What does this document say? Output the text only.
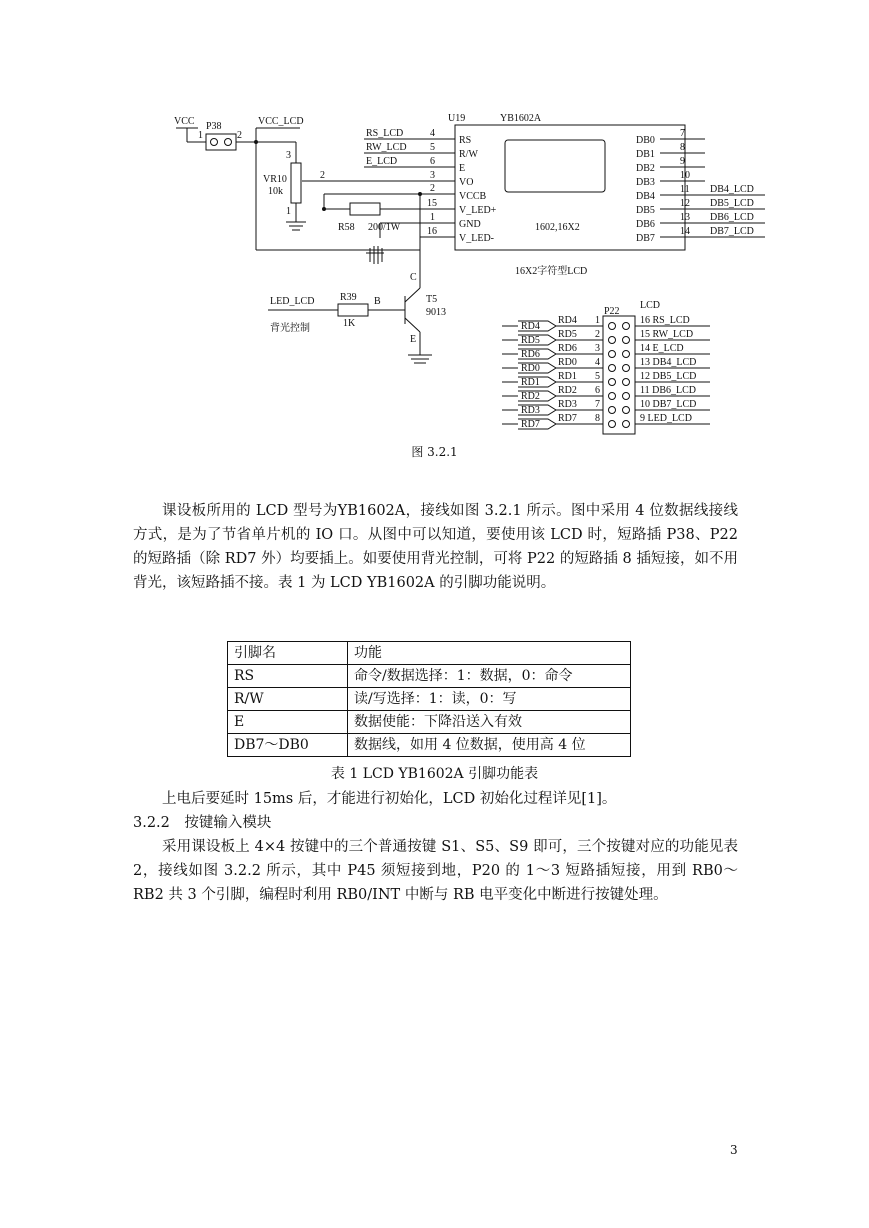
VCC P38	VCC_LCD
1	2
VR10
10k
2
3
1
U19	YB1602A
1602,16X2
16X2字符型LCD
RS_LCD
RW_LCD
E_LCD
4
5
6
3
2
15
1
16
RS
R/W
E
VO
VCCB
V_LED+
GND
V_LED-
DB0
DB1
DB2
DB3
DB4
DB5
DB6
DB7
7
8
9
10
11
12
13
14
DB4_LCD
DB5_LCD
DB6_LCD
DB7_LCD
R58 200/1W
LED_LCD	R39
1K
B
C
E
T5
9013
背光控制
P22
LCD
RD4
RD5
RD6
RD0
RD1
RD2
RD3
RD7
RD4
RD5
RD6
RD0
RD1
RD2
RD3
RD7
1
2
3
4
5
6
7
8
16 RS_LCD
15 RW_LCD
14 E_LCD
13 DB4_LCD
12 DB5_LCD
11 DB6_LCD
10 DB7_LCD
9 LED_LCD
图 3.2.1

课设板所用的 LCD 型号为YB1602A，接线如图 3.2.1 所示。图中采用 4 位数据线接线方式，是为了节省单片机的 IO 口。从图中可以知道，要使用该 LCD 时，短路插 P38、P22 的短路插（除 RD7 外）均要插上。如要使用背光控制，可将 P22 的短路插 8 插短接，如不用背光，该短路插不接。表 1 为 LCD YB1602A 的引脚功能说明。

引脚名	功能
RS	命令/数据选择：1：数据，0：命令
R/W	读/写选择：1：读，0：写
E	数据使能：下降沿送入有效
DB7～DB0	数据线，如用 4 位数据，使用高 4 位
表 1 LCD YB1602A 引脚功能表

上电后要延时 15ms 后，才能进行初始化，LCD 初始化过程详见[1]。

3.2.2　按键输入模块

采用课设板上 4×4 按键中的三个普通按键 S1、S5、S9 即可，三个按键对应的功能见表 2，接线如图 3.2.2 所示，其中 P45 须短接到地，P20 的 1～3 短路插短接，用到 RB0～RB2 共 3 个引脚，编程时利用 RB0/INT 中断与 RB 电平变化中断进行按键处理。

3
